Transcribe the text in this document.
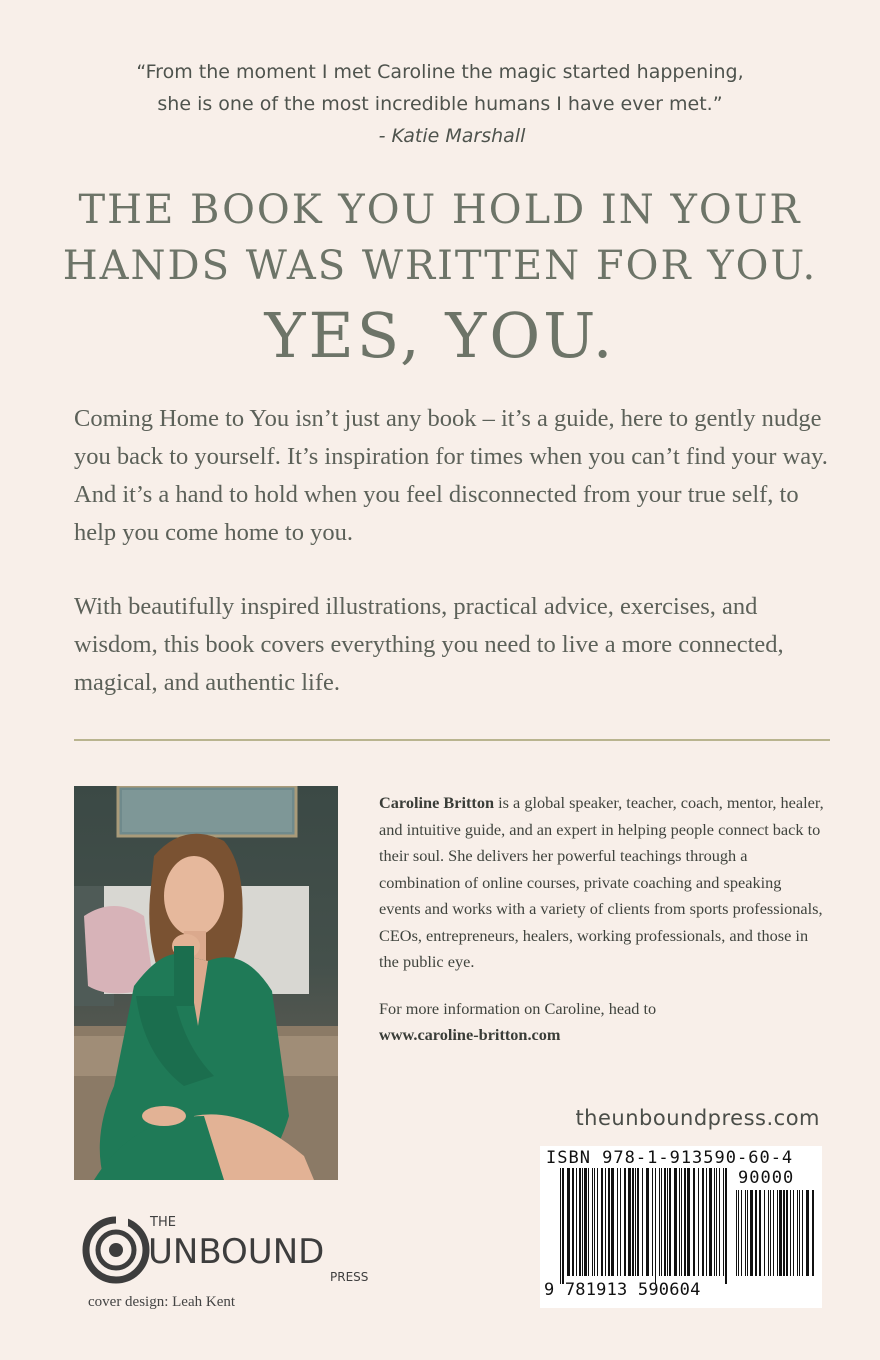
“From the moment I met Caroline the magic started happening,
she is one of the most incredible humans I have ever met.”
- Katie Marshall
THE BOOK YOU HOLD IN YOUR
HANDS WAS WRITTEN FOR YOU.
YES, YOU.
Coming Home to You isn’t just any book – it’s a guide, here to gently nudge you back to yourself. It’s inspiration for times when you can’t find your way. And it’s a hand to hold when you feel disconnected from your true self, to help you come home to you.
With beautifully inspired illustrations, practical advice, exercises, and wisdom, this book covers everything you need to live a more connected, magical, and authentic life.
Caroline Britton is a global speaker, teacher, coach, mentor, healer, and intuitive guide, and an expert in helping people connect back to their soul. She delivers her powerful teachings through a combination of online courses, private coaching and speaking events and works with a variety of clients from sports professionals, CEOs, entrepreneurs, healers, working professionals, and those in the public eye.
For more information on Caroline, head to
www.caroline-britton.com
theunboundpress.com
ISBN 978-1-913590-60-4
90000
9 781913 590604
THE
UNBOUND
PRESS
cover design: Leah Kent
